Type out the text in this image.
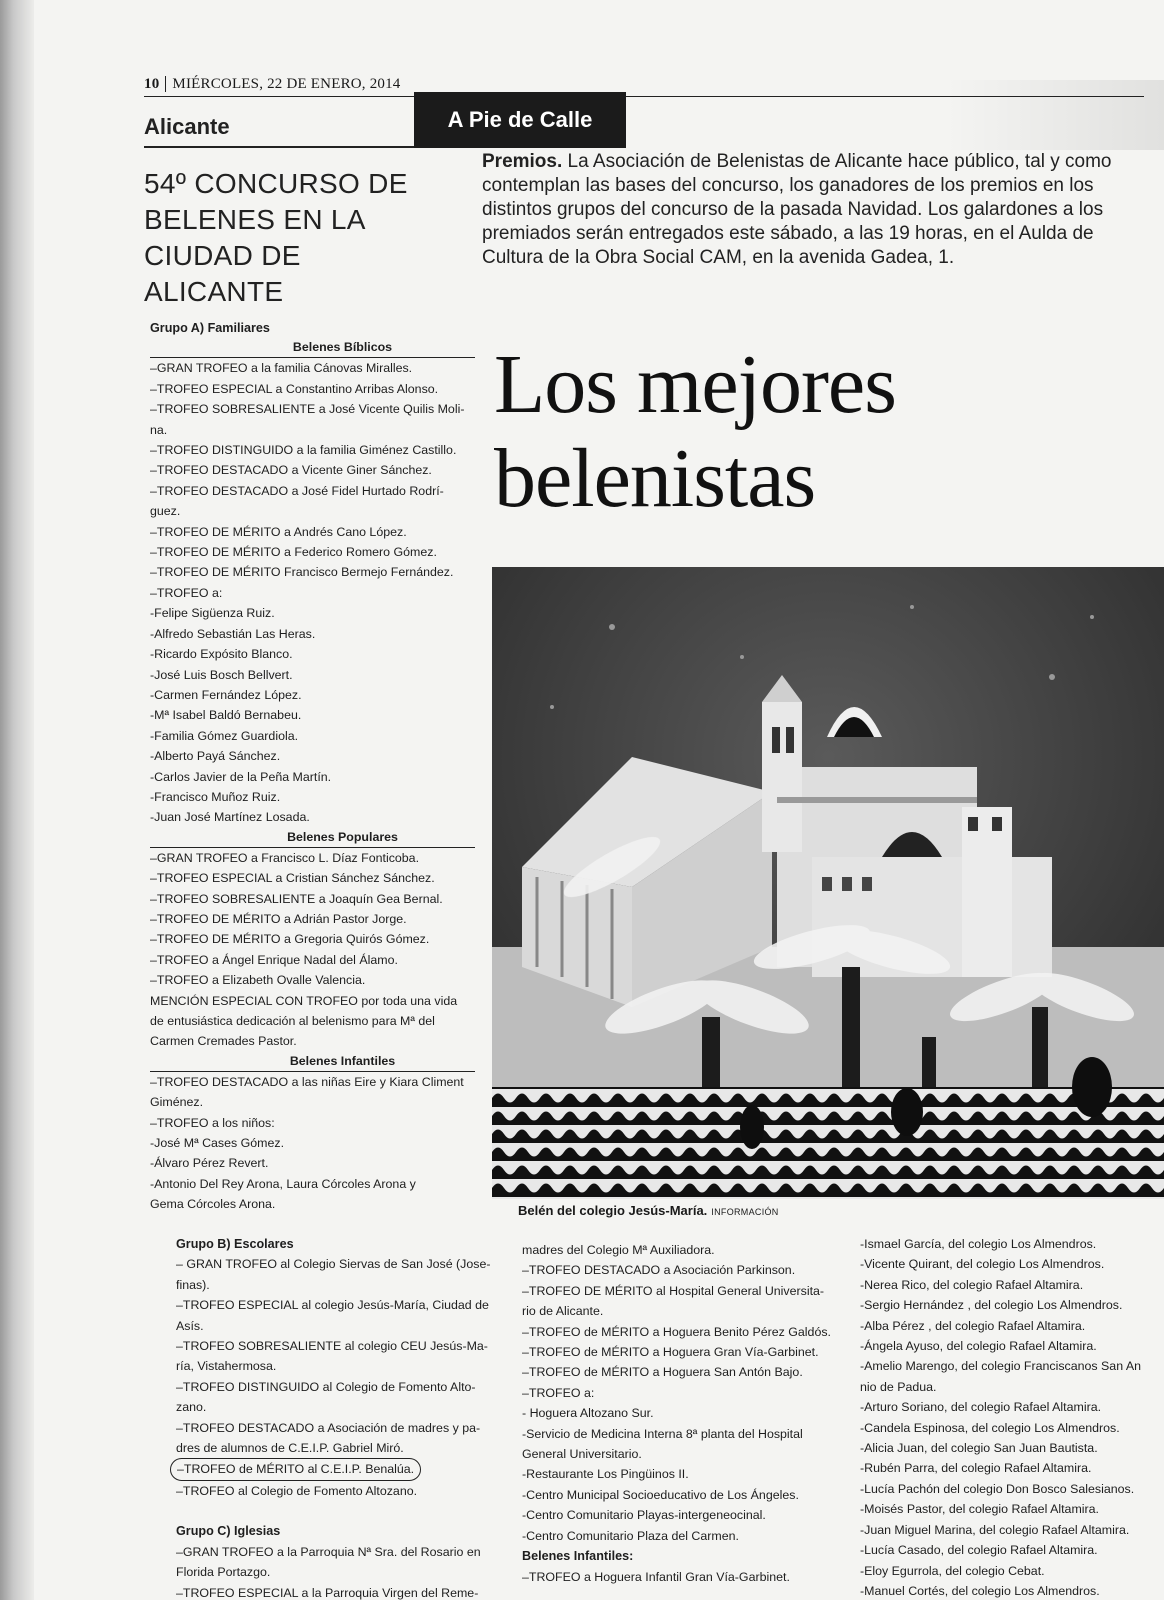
10 MIÉRCOLES, 22 DE ENERO, 2014
Alicante	A Pie de Calle
54º CONCURSO DE BELENES EN LA CIUDAD DE ALICANTE
Premios. La Asociación de Belenistas de Alicante hace público, tal y como contemplan las bases del concurso, los ganadores de los premios en los distintos grupos del concurso de la pasada Navidad. Los galardones a los premiados serán entregados este sábado, a las 19 horas, en el Aulda de Cultura de la Obra Social CAM, en la avenida Gadea, 1.
Los mejores
belenistas
Belén del colegio Jesús-María. INFORMACIÓN
Grupo A) Familiares
Belenes Bíblicos
–GRAN TROFEO a la familia Cánovas Miralles.
–TROFEO ESPECIAL a Constantino Arribas Alonso.
–TROFEO SOBRESALIENTE a José Vicente Quilis Moli-
na.
–TROFEO DISTINGUIDO a la familia Giménez Castillo.
–TROFEO DESTACADO a Vicente Giner Sánchez.
–TROFEO DESTACADO a José Fidel Hurtado Rodrí-
guez.
–TROFEO DE MÉRITO a Andrés Cano López.
–TROFEO DE MÉRITO a Federico Romero Gómez.
–TROFEO DE MÉRITO Francisco Bermejo Fernández.
–TROFEO a:
-Felipe Sigüenza Ruiz.
-Alfredo Sebastián Las Heras.
-Ricardo Expósito Blanco.
-José Luis Bosch Bellvert.
-Carmen Fernández López.
-Mª Isabel Baldó Bernabeu.
-Familia Gómez Guardiola.
-Alberto Payá Sánchez.
-Carlos Javier de la Peña Martín.
-Francisco Muñoz Ruiz.
-Juan José Martínez Losada.
Belenes Populares
–GRAN TROFEO a Francisco L. Díaz Fonticoba.
–TROFEO ESPECIAL a Cristian Sánchez Sánchez.
–TROFEO SOBRESALIENTE a Joaquín Gea Bernal.
–TROFEO DE MÉRITO a Adrián Pastor Jorge.
–TROFEO DE MÉRITO a Gregoria Quirós Gómez.
–TROFEO a Ángel Enrique Nadal del Álamo.
–TROFEO a Elizabeth Ovalle Valencia.
MENCIÓN ESPECIAL CON TROFEO por toda una vida
de entusiástica dedicación al belenismo para Mª del
Carmen Cremades Pastor.
Belenes Infantiles
–TROFEO DESTACADO a las niñas Eire y Kiara Climent
Giménez.
–TROFEO a los niños:
-José Mª Cases Gómez.
-Álvaro Pérez Revert.
-Antonio Del Rey Arona, Laura Córcoles Arona y
Gema Córcoles Arona.
Grupo B) Escolares
– GRAN TROFEO al Colegio Siervas de San José (Jose-
finas).
–TROFEO ESPECIAL al colegio Jesús-María, Ciudad de
Asís.
–TROFEO SOBRESALIENTE al colegio CEU Jesús-Ma-
ría, Vistahermosa.
–TROFEO DISTINGUIDO al Colegio de Fomento Alto-
zano.
–TROFEO DESTACADO a Asociación de madres y pa-
dres de alumnos de C.E.I.P. Gabriel Miró.
–TROFEO de MÉRITO al C.E.I.P. Benalúa.
–TROFEO al Colegio de Fomento Altozano.
Grupo C) Iglesias
–GRAN TROFEO a la Parroquia Nª Sra. del Rosario en
Florida Portazgo.
–TROFEO ESPECIAL a la Parroquia Virgen del Reme-
madres del Colegio Mª Auxiliadora.
–TROFEO DESTACADO a Asociación Parkinson.
–TROFEO DE MÉRITO al Hospital General Universita-
rio de Alicante.
–TROFEO de MÉRITO a Hoguera Benito Pérez Galdós.
–TROFEO de MÉRITO a Hoguera Gran Vía-Garbinet.
–TROFEO de MÉRITO a Hoguera San Antón Bajo.
–TROFEO a:
- Hoguera Altozano Sur.
-Servicio de Medicina Interna 8ª planta del Hospital
General Universitario.
-Restaurante Los Pingüinos II.
-Centro Municipal Socioeducativo de Los Ángeles.
-Centro Comunitario Playas-intergeneocinal.
-Centro Comunitario Plaza del Carmen.
Belenes Infantiles:
–TROFEO a Hoguera Infantil Gran Vía-Garbinet.
-Ismael García, del colegio Los Almendros.
-Vicente Quirant, del colegio Los Almendros.
-Nerea Rico, del colegio Rafael Altamira.
-Sergio Hernández , del colegio Los Almendros.
-Alba Pérez , del colegio Rafael Altamira.
-Ángela Ayuso, del colegio Rafael Altamira.
-Amelio Marengo, del colegio Franciscanos San An
nio de Padua.
-Arturo Soriano, del colegio Rafael Altamira.
-Candela Espinosa, del colegio Los Almendros.
-Alicia Juan, del colegio San Juan Bautista.
-Rubén Parra, del colegio Rafael Altamira.
-Lucía Pachón del colegio Don Bosco Salesianos.
-Moisés Pastor, del colegio Rafael Altamira.
-Juan Miguel Marina, del colegio Rafael Altamira.
-Lucía Casado, del colegio Rafael Altamira.
-Eloy Egurrola, del colegio Cebat.
-Manuel Cortés, del colegio Los Almendros.
